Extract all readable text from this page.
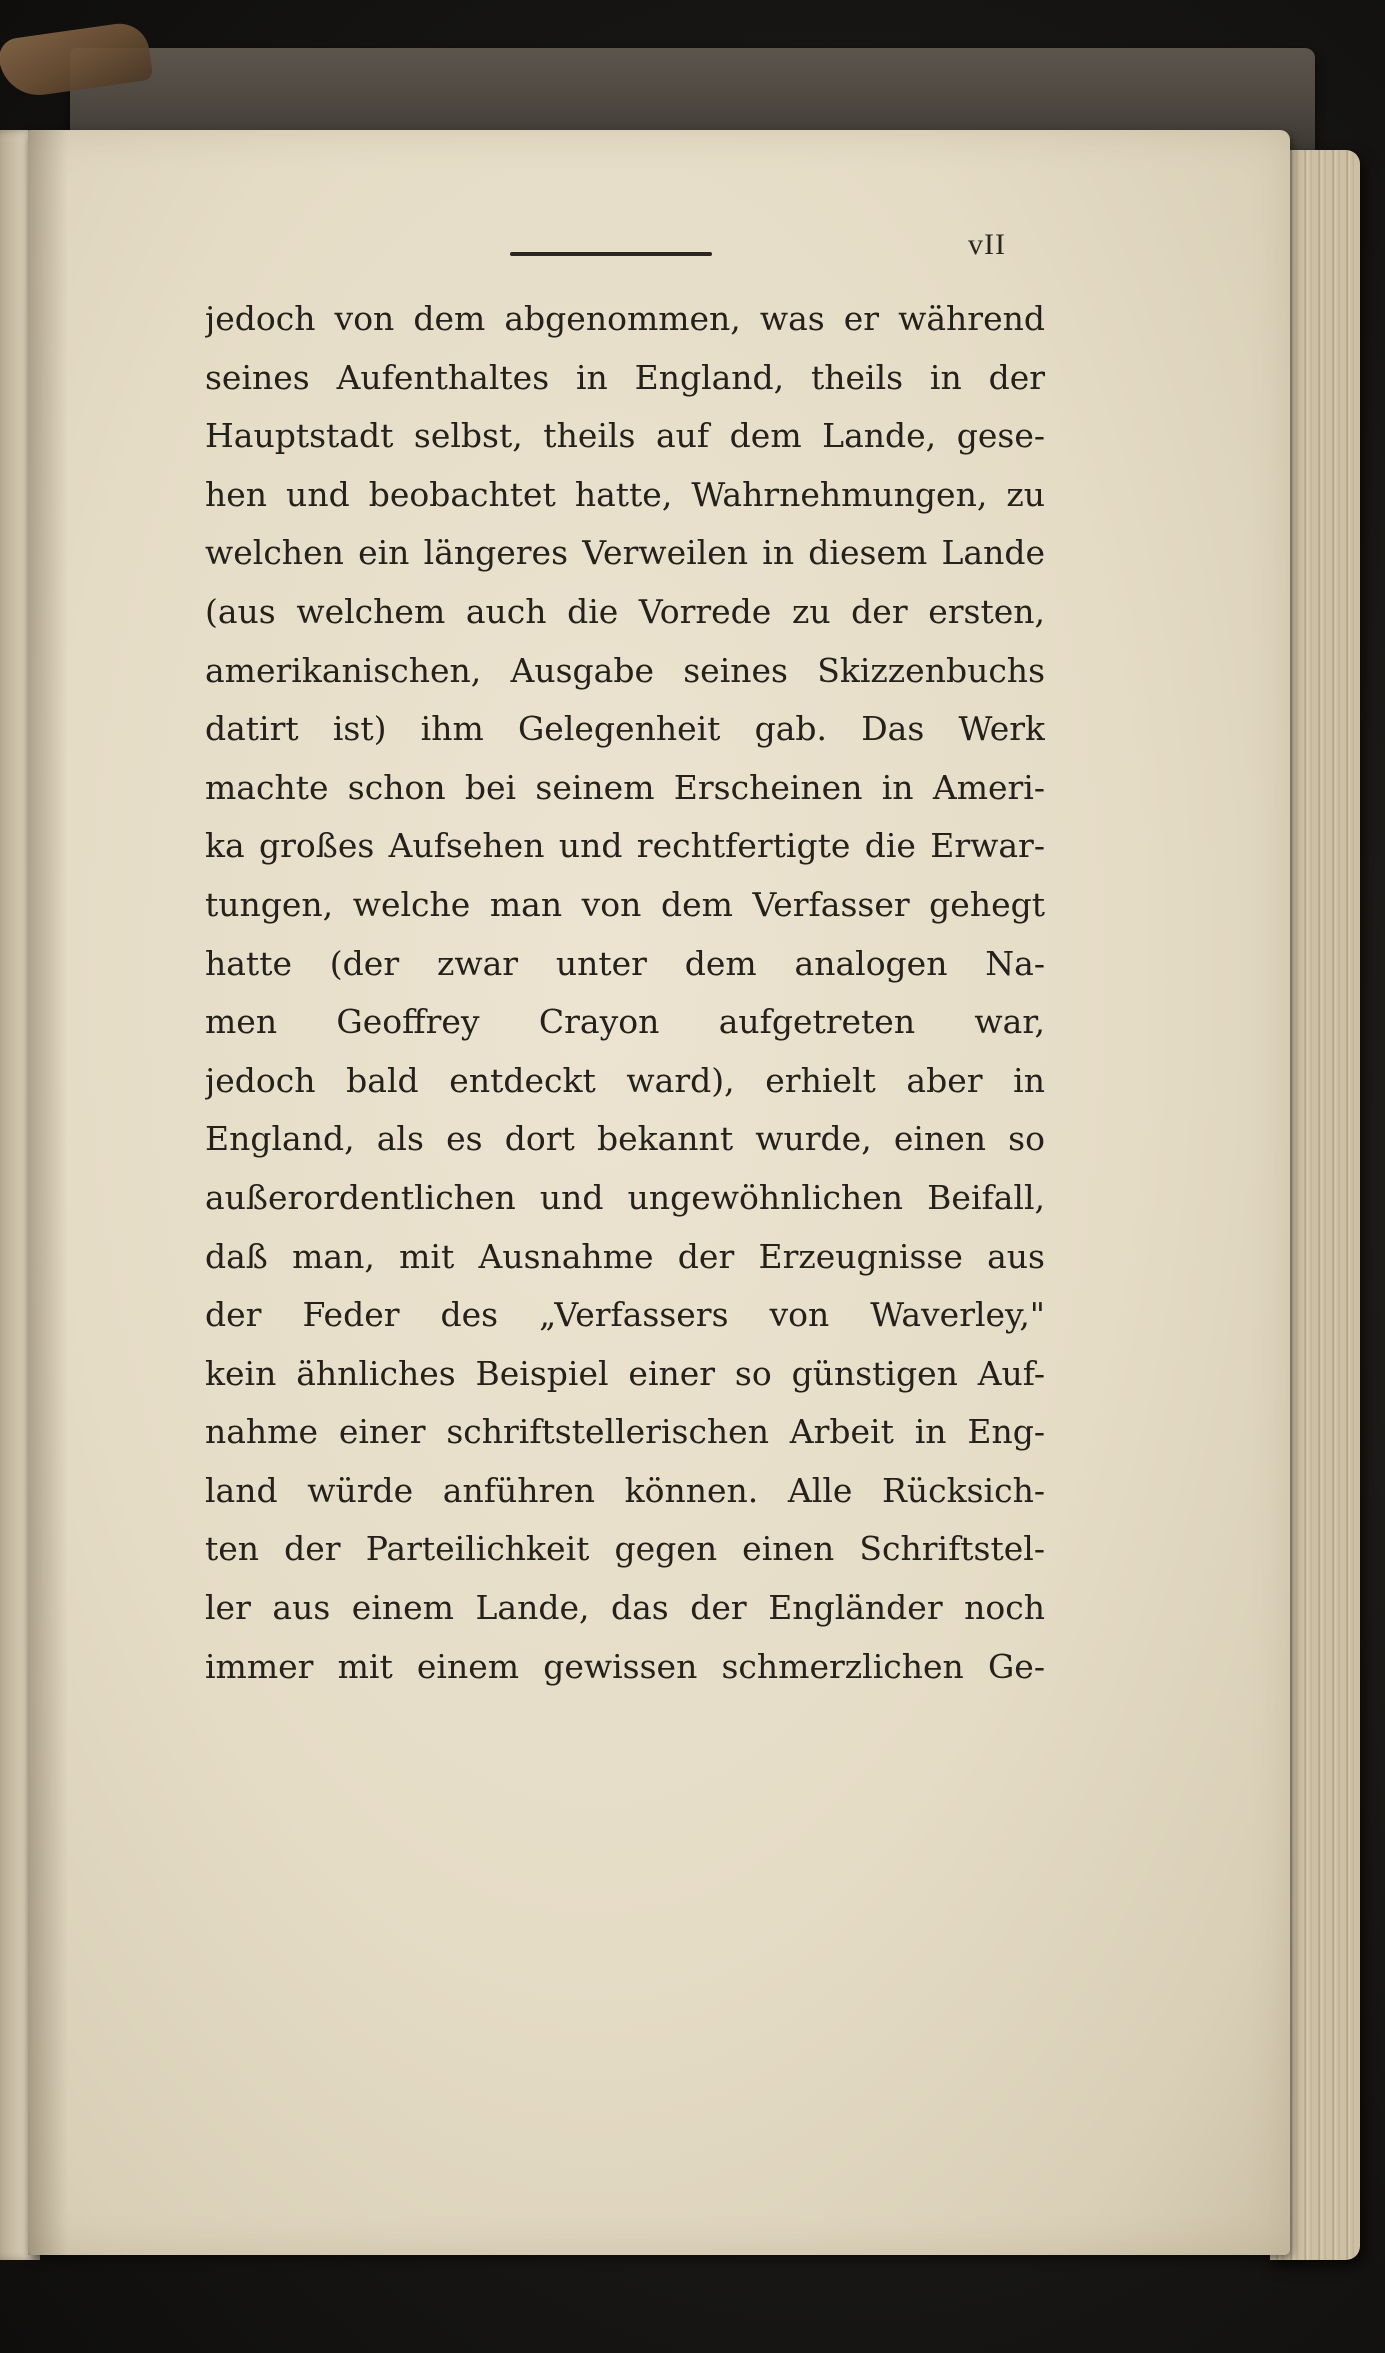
vII
jedoch von dem abgenommen, was er während
seines Aufenthaltes in England, theils in der
Hauptstadt selbst, theils auf dem Lande, gese-
hen und beobachtet hatte, Wahrnehmungen, zu
welchen ein längeres Verweilen in diesem Lande
(aus welchem auch die Vorrede zu der ersten,
amerikanischen, Ausgabe seines Skizzenbuchs
datirt ist) ihm Gelegenheit gab. Das Werk
machte schon bei seinem Erscheinen in Ameri-
ka großes Aufsehen und rechtfertigte die Erwar-
tungen, welche man von dem Verfasser gehegt
hatte (der zwar unter dem analogen Na-
men Geoffrey Crayon aufgetreten war,
jedoch bald entdeckt ward), erhielt aber in
England, als es dort bekannt wurde, einen so
außerordentlichen und ungewöhnlichen Beifall,
daß man, mit Ausnahme der Erzeugnisse aus
der Feder des „Verfassers von Waverley,"
kein ähnliches Beispiel einer so günstigen Auf-
nahme einer schriftstellerischen Arbeit in Eng-
land würde anführen können. Alle Rücksich-
ten der Parteilichkeit gegen einen Schriftstel-
ler aus einem Lande, das der Engländer noch
immer mit einem gewissen schmerzlichen Ge-
